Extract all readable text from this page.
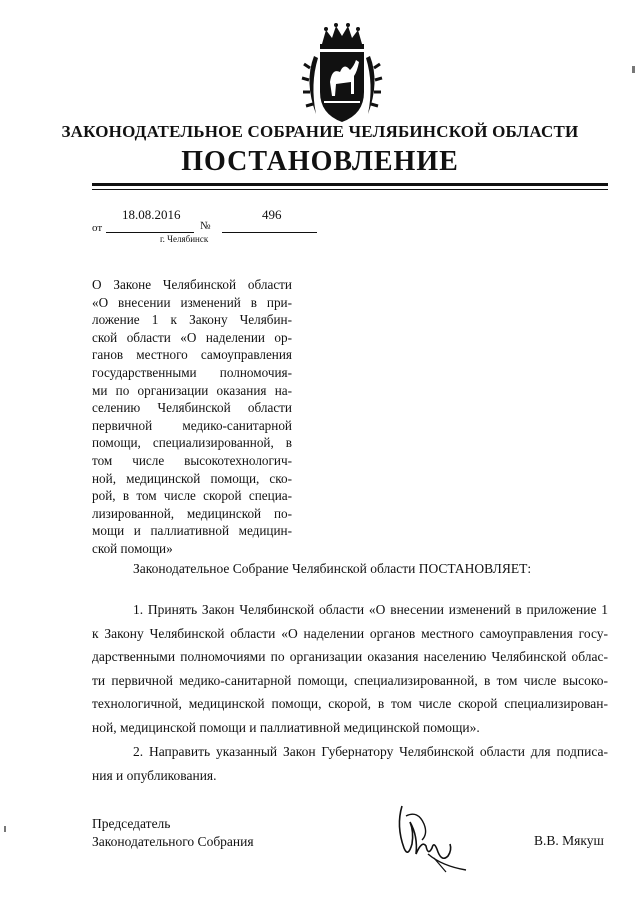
ЗАКОНОДАТЕЛЬНОЕ СОБРАНИЕ ЧЕЛЯБИНСКОЙ ОБЛАСТИ
ПОСТАНОВЛЕНИЕ
от
18.08.2016
№
496
г. Челябинск
О Законе Челябинской области
«О внесении изменений в при-
ложение 1 к Закону Челябин-
ской области «О наделении ор-
ганов местного самоуправления
государственными полномочия-
ми по организации оказания на-
селению Челябинской области
первичной медико-санитарной
помощи, специализированной, в
том числе высокотехнологич-
ной, медицинской помощи, ско-
рой, в том числе скорой специа-
лизированной, медицинской по-
мощи и паллиативной медицин-
ской помощи»
Законодательное Собрание Челябинской области ПОСТАНОВЛЯЕТ:
1. Принять Закон Челябинской области «О внесении изменений в приложение 1
к Закону Челябинской области «О наделении органов местного самоуправления госу-
дарственными полномочиями по организации оказания населению Челябинской облас-
ти первичной медико-санитарной помощи, специализированной, в том числе высоко-
технологичной, медицинской помощи, скорой, в том числе скорой специализирован-
ной, медицинской помощи и паллиативной медицинской помощи».
2. Направить указанный Закон Губернатору Челябинской области для подписа-
ния и опубликования.
Председатель
Законодательного Собрания	В.В. Мякуш
